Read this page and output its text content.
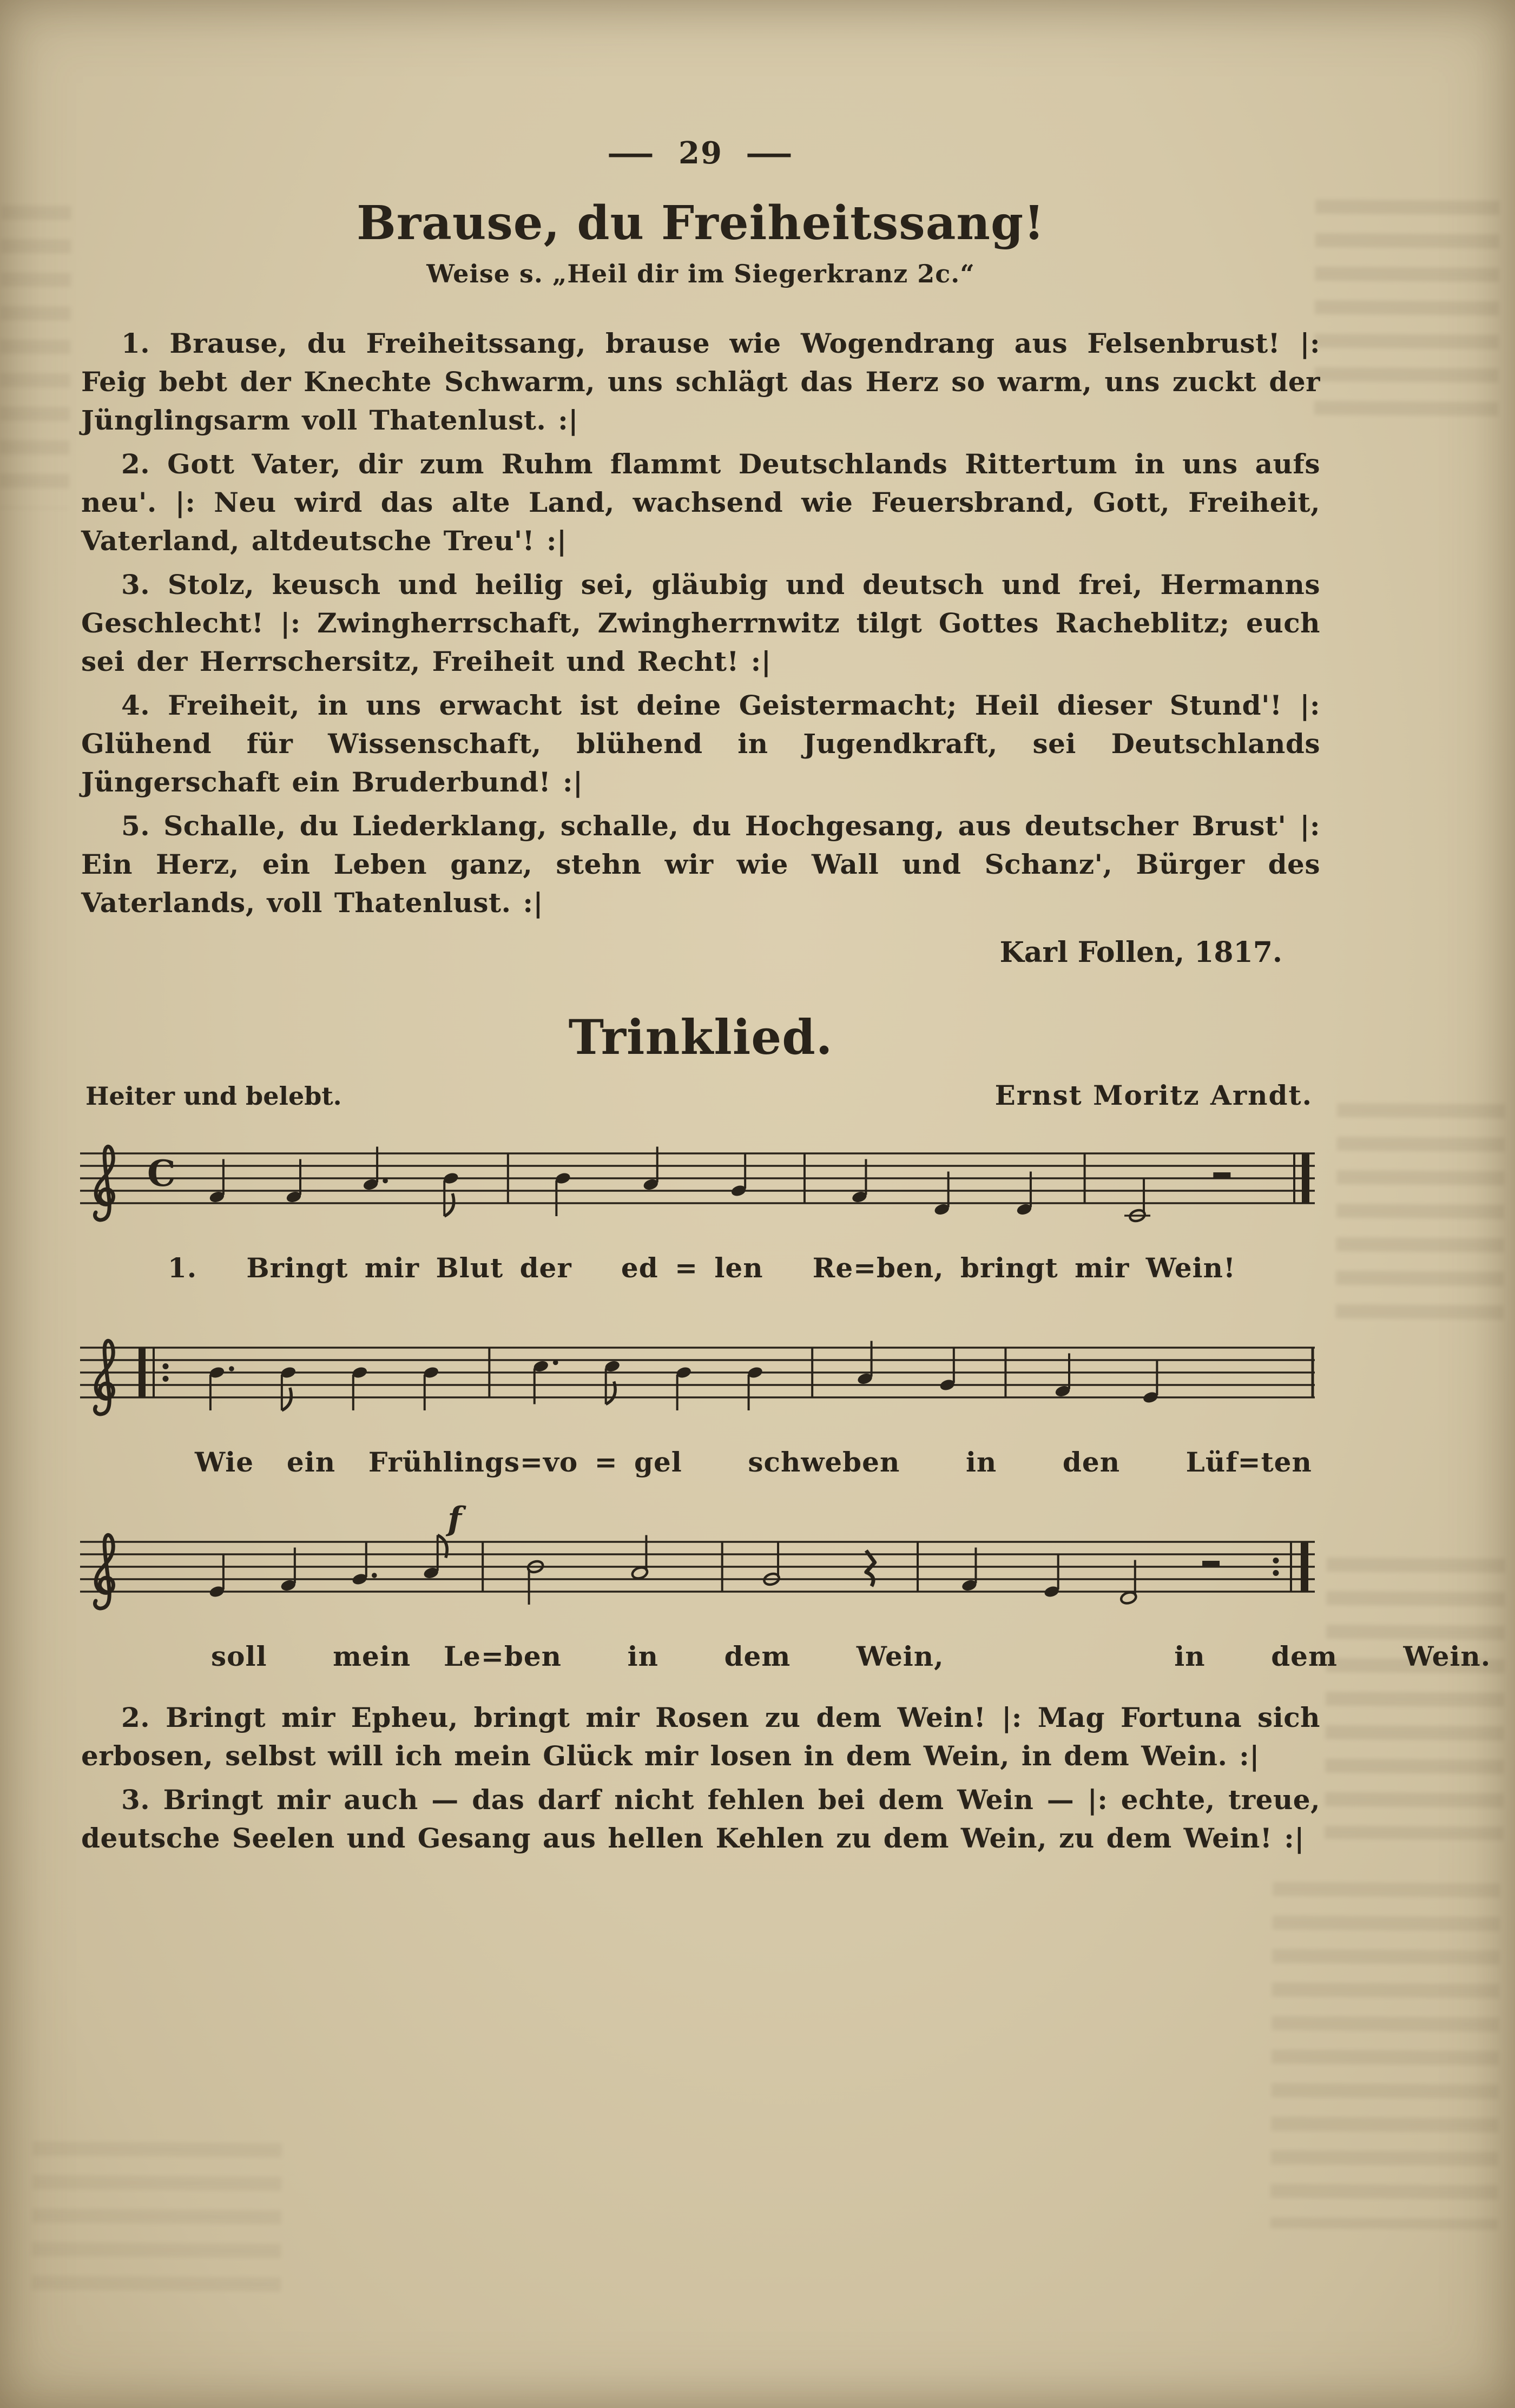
— 29 —
Brause, du Freiheitssang!
Weise s. „Heil dir im Siegerkranz 2c.“

1. Brause, du Freiheitssang, brause wie Wogendrang aus Felsenbrust! |: Feig bebt der Knechte Schwarm, uns schlägt das Herz so warm, uns zuckt der Jünglingsarm voll Thatenlust. :|

2. Gott Vater, dir zum Ruhm flammt Deutschlands Rittertum in uns aufs neu'. |: Neu wird das alte Land, wachsend wie Feuersbrand, Gott, Freiheit, Vaterland, altdeutsche Treu'! :|

3. Stolz, keusch und heilig sei, gläubig und deutsch und frei, Hermanns Geschlecht! |: Zwingherrschaft, Zwingherrnwitz tilgt Gottes Racheblitz; euch sei der Herrschersitz, Freiheit und Recht! :|

4. Freiheit, in uns erwacht ist deine Geistermacht; Heil dieser Stund'! |: Glühend für Wissenschaft, blühend in Jugendkraft, sei Deutschlands Jüngerschaft ein Bruderbund! :|

5. Schalle, du Liederklang, schalle, du Hochgesang, aus deutscher Brust' |: Ein Herz, ein Leben ganz, stehn wir wie Wall und Schanz', Bürger des Vaterlands, voll Thatenlust. :|

Karl Follen, 1817.
Trinklied.
Heiter und belebt.	Ernst Moritz Arndt.
C
1.   Bringt mir Blut der   ed = len   Re=ben, bringt mir Wein!
Wie  ein  Frühlings=vo = gel    schweben    in    den    Lüf=ten
f
soll    mein  Le=ben    in    dem    Wein,              in    dem    Wein.

2. Bringt mir Epheu, bringt mir Rosen zu dem Wein! |: Mag Fortuna sich erbosen, selbst will ich mein Glück mir losen in dem Wein, in dem Wein. :|

3. Bringt mir auch — das darf nicht fehlen bei dem Wein — |: echte, treue, deutsche Seelen und Gesang aus hellen Kehlen zu dem Wein, zu dem Wein! :|
